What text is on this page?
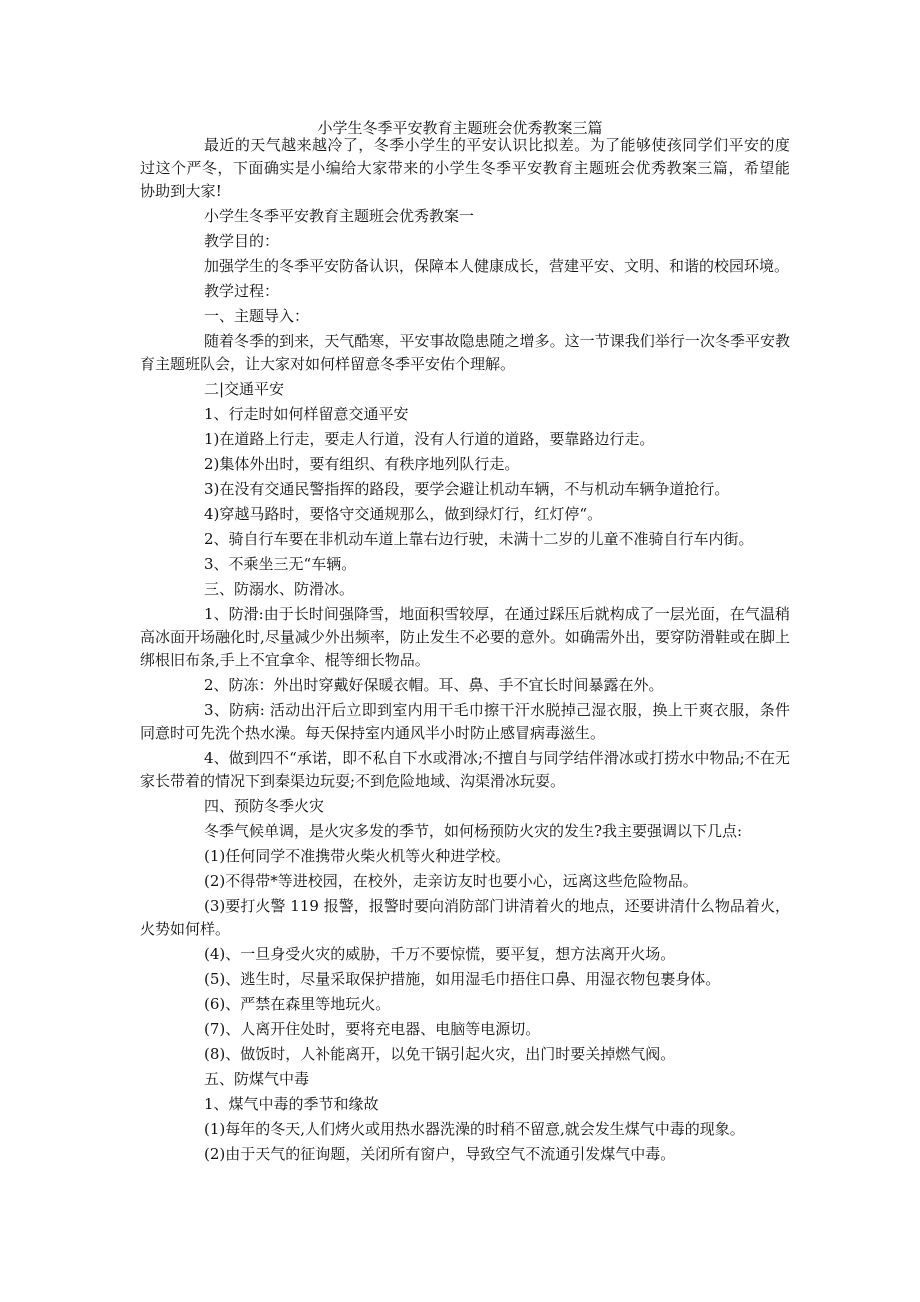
小学生冬季平安教育主题班会优秀教案三篇

最近的天气越来越冷了，冬季小学生的平安认识比拟差。为了能够使孩同学们平安的度过这个严冬，下面确实是小编给大家带来的小学生冬季平安教育主题班会优秀教案三篇，希望能协助到大家!

小学生冬季平安教育主题班会优秀教案一

教学目的：

加强学生的冬季平安防备认识，保障本人健康成长，营建平安、文明、和谐的校园环境。

教学过程：

一、主题导入：

随着冬季的到来，天气酷寒，平安事故隐患随之增多。这一节课我们举行一次冬季平安教育主题班队会，让大家对如何样留意冬季平安佑个理解。

二|交通平安

1、行走时如何样留意交通平安

1)在道路上行走，要走人行道，没有人行道的道路，要靠路边行走。

2)集体外出时，要有组织、有秩序地列队行走。

3)在没有交通民警指挥的路段，要学会避让机动车辆，不与机动车辆争道抢行。

4)穿越马路时，要恪守交通规那么，做到绿灯行，红灯停“。

2、骑自行车要在非机动车道上靠右边行驶，未满十二岁的儿童不准骑自行车内街。

3、不乘坐三无“车辆。

三、防溺水、防滑冰。

1、防滑:由于长时间强降雪，地面积雪较厚，在通过踩压后就构成了一层光面，在气温稍高冰面开场融化时,尽量减少外出频率，防止发生不必要的意外。如确需外出，要穿防滑鞋或在脚上绑根旧布条,手上不宜拿伞、棍等细长物品。

2、防冻：外出时穿戴好保暖衣帽。耳、鼻、手不宜长时间暴露在外。

3、防病: 活动出汗后立即到室内用干毛巾擦干汗水脱掉己湿衣服，换上干爽衣服，条件同意时可先洗个热水澡。每天保持室内通风半小时防止感冒病毒滋生。

4、做到四不“承诺，即不私自下水或滑冰;不擅自与同学结伴滑冰或打捞水中物品;不在无家长带着的情况下到秦渠边玩耍;不到危险地域、沟渠滑冰玩耍。

四、预防冬季火灾

冬季气候单调，是火灾多发的季节，如何杨预防火灾的发生?我主要强调以下几点:

(1)任何同学不准携带火柴火机等火种进学校。

(2)不得带*等进校园，在校外，走亲访友时也要小心，远离这些危险物品。

(3)要打火警 119 报警，报警时要向消防部门讲清着火的地点，还要讲清什么物品着火，火势如何样。

(4)、一旦身受火灾的威胁，千万不要惊慌，要平复，想方法离开火场。

(5)、逃生时，尽量采取保护措施，如用湿毛巾捂住口鼻、用湿衣物包裹身体。

(6)、严禁在森里等地玩火。

(7)、人离开住处时，要将充电器、电脑等电源切。

(8)、做饭时，人补能离开，以免干锅引起火灾，出门时要关掉燃气阀。

五、防煤气中毒

1、煤气中毒的季节和缘故

(1)每年的冬天,人们烤火或用热水器洗澡的时稍不留意,就会发生煤气中毒的现象。

(2)由于天气的征询题，关闭所有窗户，导致空气不流通引发煤气中毒。
